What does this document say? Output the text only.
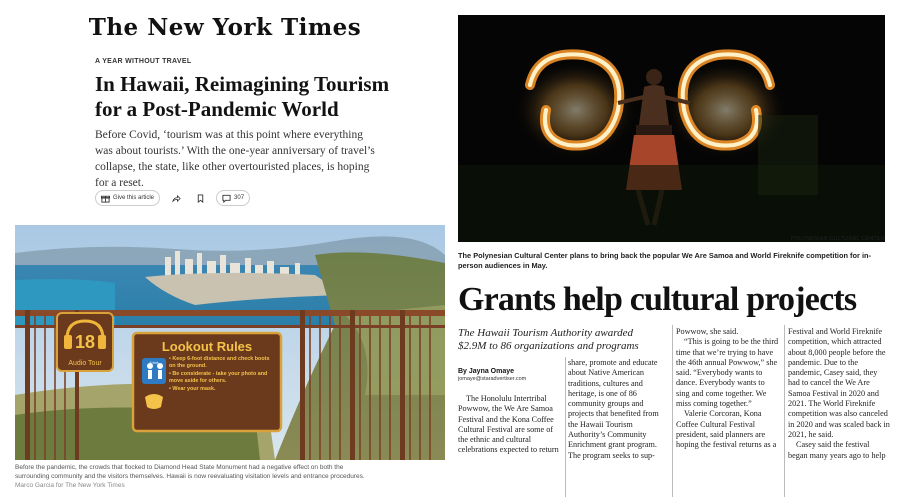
The New York Times
A YEAR WITHOUT TRAVEL
In Hawaii, Reimagining Tourism for a Post-Pandemic World

Before Covid, ‘tourism was at this point where everything was about tourists.’ With the one-year anniversary of travel’s collapse, the state, like other overtouristed places, is hoping for a reset.

Give this article	307
18
Audio Tour
Lookout Rules
6 feet
• Keep 6-foot distance and check boots on the ground.
• Be considerate - take your photo and move aside for others.
• Wear your mask.
Before the pandemic, the crowds that flocked to Diamond Head State Monument had a negative effect on both the surrounding community and the visitors themselves. Hawaii is now reevaluating visitation levels and entrance procedures. Marco Garcia for The New York Times
POLYNESIAN CULTURAL CENTER
The Polynesian Cultural Center plans to bring back the popular We Are Samoa and World Fireknife competition for in-person audiences in May.
Grants help cultural projects
The Hawaii Tourism Authority awarded $2.9M to 86 organizations and programs
By Jayna Omaye
jomaye@staradvertiser.com

The Honolulu Intertribal Powwow, the We Are Samoa Festival and the Kona Coffee Cultural Festival are some of the ethnic and cultural celebrations expected to return

share, promote and educate about Native American traditions, cultures and heritage, is one of 86 community groups and projects that benefited from the Hawaii Tourism Authority’s Community Enrichment grant program. The program seeks to sup-

Powwow, she said.

“This is going to be the third time that we’re trying to have the 46th annual Powwow,” she said. “Everybody wants to dance. Everybody wants to sing and come together. We miss coming together.”

Valerie Corcoran, Kona Coffee Cultural Festival president, said planners are hoping the festival returns as a

Festival and World Fireknife competition, which attracted about 8,000 people before the pandemic. Due to the pandemic, Casey said, they had to cancel the We Are Samoa Festival in 2020 and 2021. The World Fireknife competition was also canceled in 2020 and was scaled back in 2021, he said.

Casey said the festival began many years ago to help
